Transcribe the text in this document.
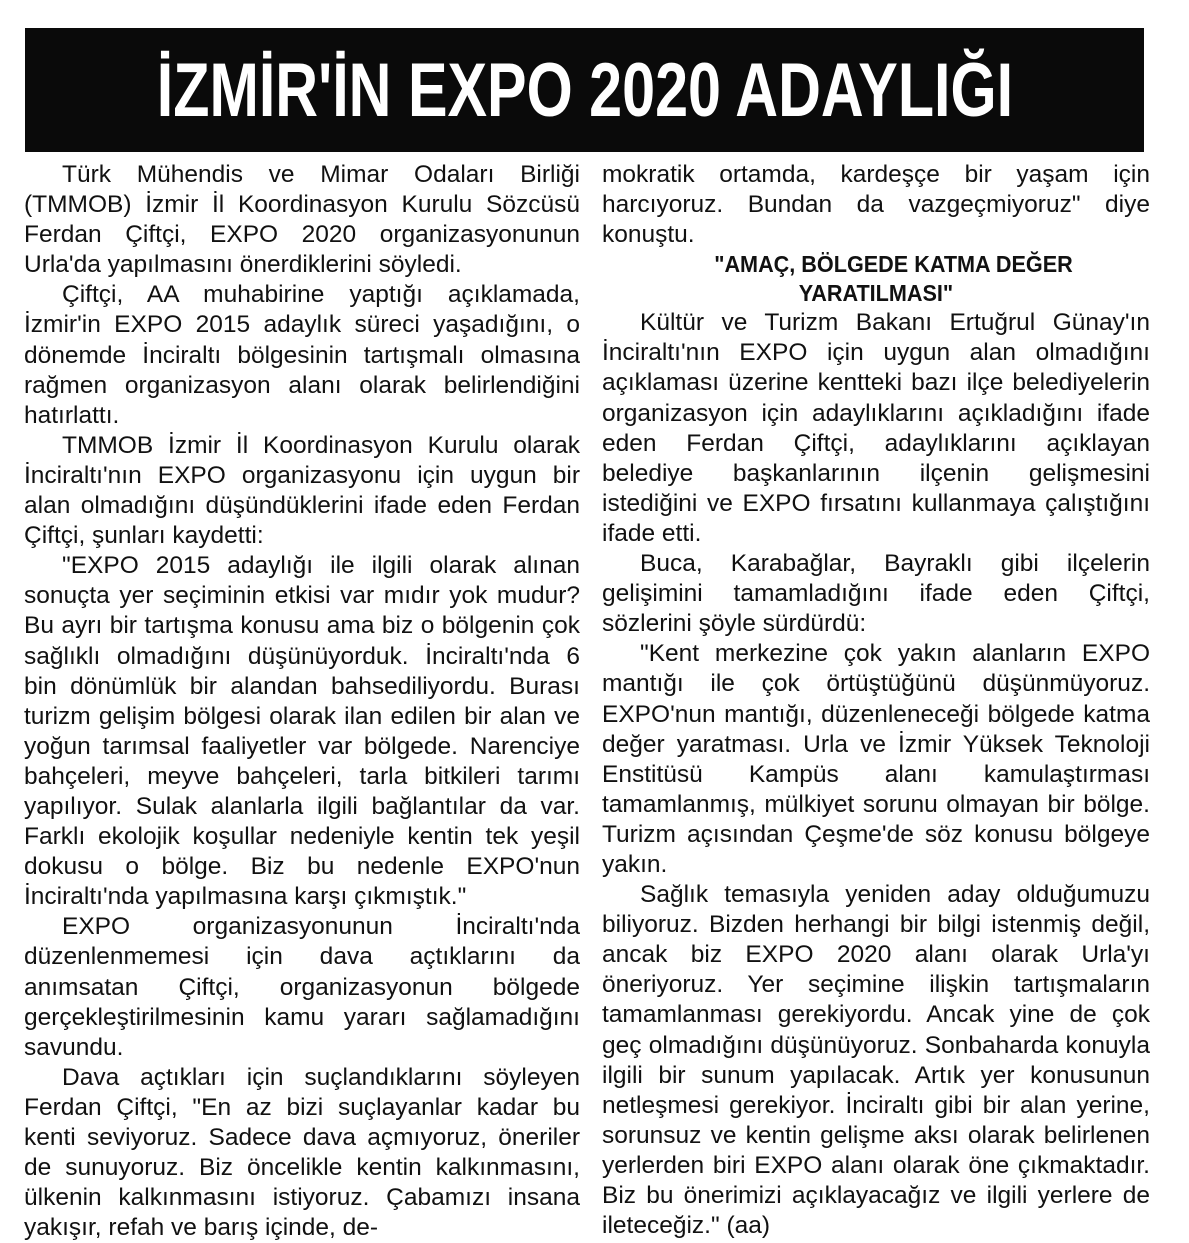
İZMİR'İN EXPO 2020 ADAYLIĞI

Türk Mühendis ve Mimar Odaları Birliği (TMMOB) İzmir İl Koordinasyon Kurulu Sözcüsü Ferdan Çiftçi, EXPO 2020 organizasyonunun Urla'da yapılmasını önerdiklerini söyledi.

Çiftçi, AA muhabirine yaptığı açıklamada, İzmir'in EXPO 2015 adaylık süreci yaşadığını, o dönemde İnciraltı bölgesinin tartışmalı olmasına rağmen organizasyon alanı olarak belirlendiğini hatırlattı.

TMMOB İzmir İl Koordinasyon Kurulu olarak İnciraltı'nın EXPO organizasyonu için uygun bir alan olmadığını düşündüklerini ifade eden Ferdan Çiftçi, şunları kaydetti:

"EXPO 2015 adaylığı ile ilgili olarak alınan sonuçta yer seçiminin etkisi var mıdır yok mudur? Bu ayrı bir tartışma konusu ama biz o bölgenin çok sağlıklı olmadığını düşünüyorduk. İnciraltı'nda 6 bin dönümlük bir alandan bahsediliyordu. Burası turizm gelişim bölgesi olarak ilan edilen bir alan ve yoğun tarımsal faaliyetler var bölgede. Narenciye bahçeleri, meyve bahçeleri, tarla bitkileri tarımı yapılıyor. Sulak alanlarla ilgili bağlantılar da var. Farklı ekolojik koşullar nedeniyle kentin tek yeşil dokusu o bölge. Biz bu nedenle EXPO'nun İnciraltı'nda yapılmasına karşı çıkmıştık."

EXPO organizasyonunun İnciraltı'nda düzenlenmemesi için dava açtıklarını da anımsatan Çiftçi, organizasyonun bölgede gerçekleştirilmesinin kamu yararı sağlamadığını savundu.

Dava açtıkları için suçlandıklarını söyleyen Ferdan Çiftçi, "En az bizi suçlayanlar kadar bu kenti seviyoruz. Sadece dava açmıyoruz, öneriler de sunuyoruz. Biz öncelikle kentin kalkınmasını, ülkenin kalkınmasını istiyoruz. Çabamızı insana yakışır, refah ve barış içinde, de-

mokratik ortamda, kardeşçe bir yaşam için harcıyoruz. Bundan da vazgeçmiyoruz" diye konuştu.

"AMAÇ, BÖLGEDE KATMA DEĞER YARATILMASI"

Kültür ve Turizm Bakanı Ertuğrul Günay'ın İnciraltı'nın EXPO için uygun alan olmadığını açıklaması üzerine kentteki bazı ilçe belediyelerin organizasyon için adaylıklarını açıkladığını ifade eden Ferdan Çiftçi, adaylıklarını açıklayan belediye başkanlarının ilçenin gelişmesini istediğini ve EXPO fırsatını kullanmaya çalıştığını ifade etti.

Buca, Karabağlar, Bayraklı gibi ilçelerin gelişimini tamamladığını ifade eden Çiftçi, sözlerini şöyle sürdürdü:

"Kent merkezine çok yakın alanların EXPO mantığı ile çok örtüştüğünü düşünmüyoruz. EXPO'nun mantığı, düzenleneceği bölgede katma değer yaratması. Urla ve İzmir Yüksek Teknoloji Enstitüsü Kampüs alanı kamulaştırması tamamlanmış, mülkiyet sorunu olmayan bir bölge. Turizm açısından Çeşme'de söz konusu bölgeye yakın.

Sağlık temasıyla yeniden aday olduğumuzu biliyoruz. Bizden herhangi bir bilgi istenmiş değil, ancak biz EXPO 2020 alanı olarak Urla'yı öneriyoruz. Yer seçimine ilişkin tartışmaların tamamlanması gerekiyordu. Ancak yine de çok geç olmadığını düşünüyoruz. Sonbaharda konuyla ilgili bir sunum yapılacak. Artık yer konusunun netleşmesi gerekiyor. İnciraltı gibi bir alan yerine, sorunsuz ve kentin gelişme aksı olarak belirlenen yerlerden biri EXPO alanı olarak öne çıkmaktadır. Biz bu önerimizi açıklayacağız ve ilgili yerlere de ileteceğiz." (aa)
